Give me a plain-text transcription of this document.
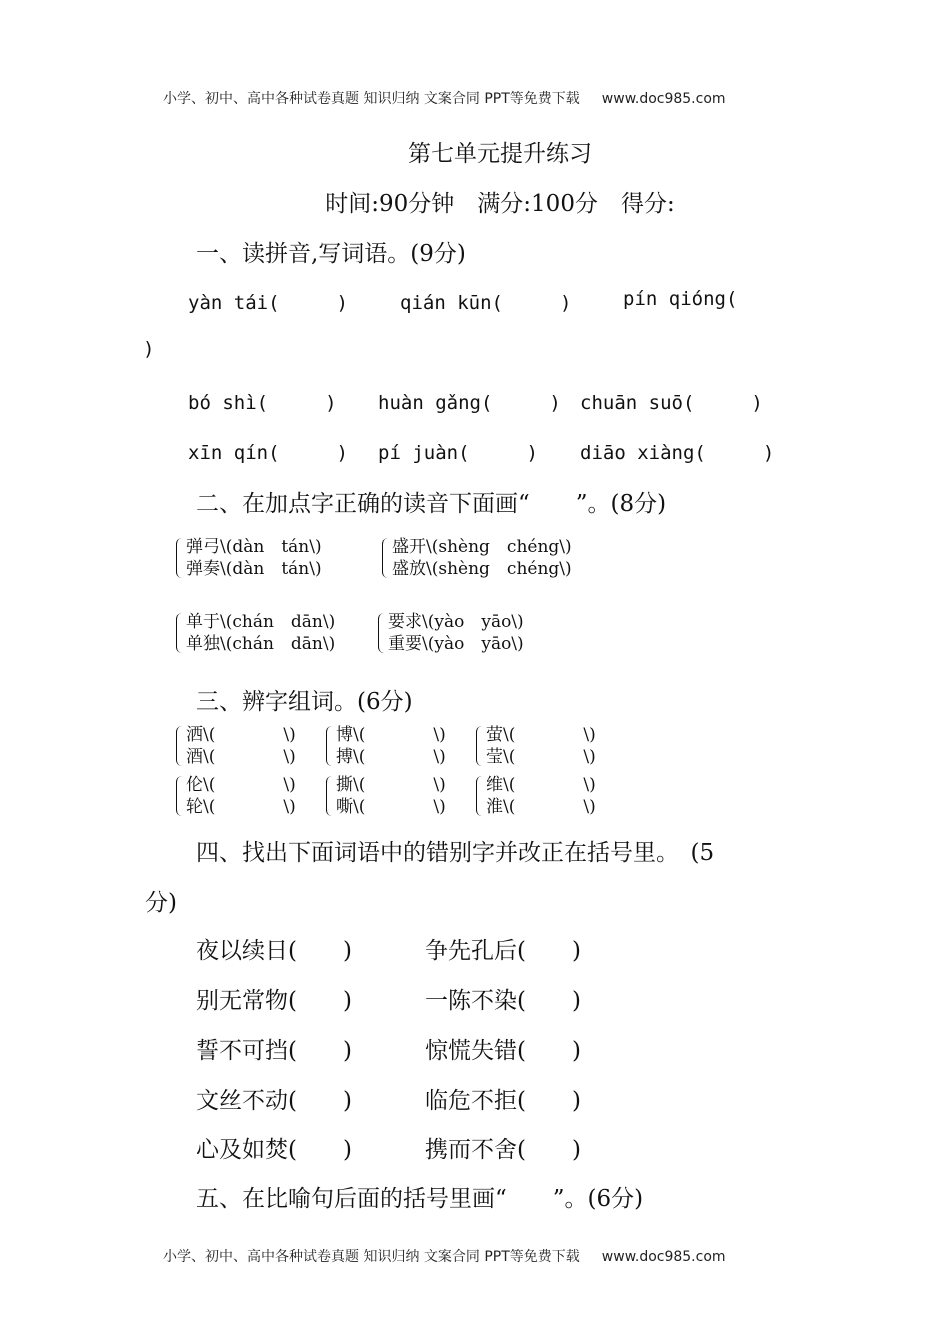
小学、初中、高中各种试卷真题 知识归纳 文案合同 PPT等免费下载 www.doc985.com
第七单元提升练习
时间:90分钟　满分:100分　得分:
一、读拼音,写词语。(9分)
yàn tái(　　　)	qián kūn(　　　)	pín qióng(
)
bó shì(　　　) huàn gǎng(　　　) chuān suō(　　　)
xīn qín(　　　) pí juàn(　　　) diāo xiàng(　　　)
二、在加点字正确的读音下面画“　　”。(8分)
弹弓\(dàn　tán\)
弹奏\(dàn　tán\)
盛开\(shèng　chéng\)
盛放\(shèng　chéng\)
单于\(chán　dān\)
单独\(chán　dān\)
要求\(yào　yāo\)
重要\(yào　yāo\)
三、辨字组词。(6分)
洒\(　　　　\)
酒\(　　　　\)
博\(　　　　\)
搏\(　　　　\)
萤\(　　　　\)
莹\(　　　　\)
伦\(　　　　\)
轮\(　　　　\)
撕\(　　　　\)
嘶\(　　　　\)
维\(　　　　\)
淮\(　　　　\)
四、找出下面词语中的错别字并改正在括号里。　(5
分)
夜以续日(　　)	争先孔后(　　)
别无常物(　　)	一陈不染(　　)
誓不可挡(　　)	惊慌失错(　　)
文丝不动(　　)	临危不拒(　　)
心及如焚(　　)	携而不舍(　　)
五、在比喻句后面的括号里画“　　”。(6分)
小学、初中、高中各种试卷真题 知识归纳 文案合同 PPT等免费下载 www.doc985.com
